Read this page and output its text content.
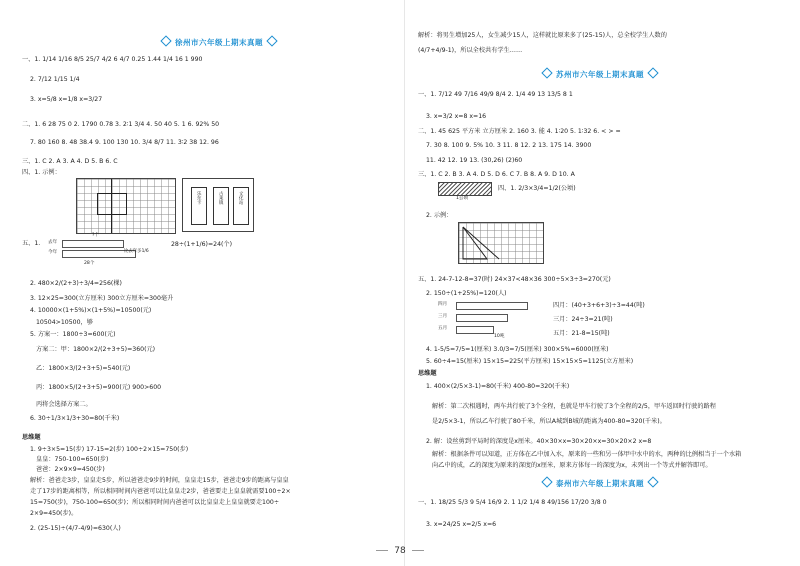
徐州市六年级上期末真题
一、1. 1/14 1/16 8/5 25/7 4/2 6 4/7 0.25 1.44 1/4 16 1 990
2. 7/12 1/15 1/4
3. x=5/8 x=1/8 x=3/27
二、1. 6 28 75 0 2. 1790 0.78 3. 2∶1 3/4 4. 50 40 5. 1 6. 92% 50
7. 80 160 8. 48 38.4 9. 100 130 10. 3/4 8/7 11. 3∶2 38 12. 96
三、1. C 2. A 3. A 4. D 5. B 6. C
四、1. 示例：
乐东卡	古莱镇	文化站
五、1. 去年
今年
?个
比去年多1/6
28个
28÷(1+1/6)=24(个)
2. 480×2/(2+3)÷3/4=256(棵)
3. 12×25=300(立方厘米) 300立方厘米=300毫升
4. 10000×(1+5%)×(1+5%)=10500(元)
10504>10500，够
5. 方案一：1800÷3=600(元)
方案二：甲：1800×2/(2+3+5)=360(元)
乙：1800×3/(2+3+5)=540(元)
丙：1800×5/(2+3+5)=900(元) 900>600
丙将会选择方案二。
6. 30÷1/3×1/3+30=80(千米)
思维题
1. 9÷3×5=15(步) 17-15=2(步) 100÷2×15=750(步)
皇皇：750-100=650(步)
爸爸：2×9×9=450(步)
解析：爸爸走3步，皇皇走5步，所以爸爸走9步的时间，皇皇走15步，爸爸走9步的距离与皇皇
走了17步的距离相等，所以相同时间内爸爸可以比皇皇走2步，爸爸要走上皇皇就需要100÷2×
15=750(步)，750-100=650(步)；所以相同时间内爸爸可以比皇皇走上皇皇就要走100÷
2×9=450(步)。
2. (25-15)÷(4/7-4/9)=630(人)
解析：将男生增加25人，女生减少15人，这样就比原来多了(25-15)人，总全校学生人数的
(4/7+4/9-1)，所以全校共有学生……
苏州市六年级上期末真题
一、1. 7/12 49 7/16 49/9 8/4 2. 1/4 49 13 13/5 8 1
3. x=3/2 x=8 x=16
二、1. 45 625 平方米 立方厘米 2. 160 3. 能 4. 1∶20 5. 1∶32 6. < > =
7. 30 8. 100 9. 5% 10. 3 11. 8 12. 2 13. 175 14. 3900
11. 42 12. 19 13. (30,26) (2)60
三、1. C 2. B 3. A 4. D 5. D 6. C 7. B 8. A 9. D 10. A
1公顷
四、1. 2/3×3/4=1/2(公顷)
2. 示例：
五、1. 24-7-12-8=37(时) 24×37<48×36 300÷5×3÷3=270(元)
2. 150÷(1+25%)=120(人)
四月
三月
五月
10吨
四月：(40+3+6+3)÷3=44(吨)
三月：24÷3=21(吨)
五月：21-8=15(吨)
4. 1-5/5=7/5=1(厘米) 3.0/3=7/5(厘米) 300×5%=6000(厘米)
5. 60÷4=15(厘米) 15×15=225(平方厘米) 15×15×5=1125(立方厘米)
思维题
1. 400×(2/5×3-1)=80(千米) 400-80=320(千米)
解析：第二次相遇时，两车共行驶了3个全程，也就是甲车行驶了3个全程的2/5，甲车返回时行驶的路程
是2/5×3-1，所以乙车行驶了80千米，所以A城到B城的距离为400-80=320(千米)。
2. 解：设丝剪到平局时的深度是x厘米。40×30×x=30×20×x=30×20×2 x=8
解析：根据条件可以知道，正方体在乙中加入水，原来的一些和另一体甲中水中的水，两种的比例相当于一个水箱
向乙中的成，乙的深度为原来的深度的x厘米，原来方体每一的深度为x，未列出一个等式并解答即可。
泰州市六年级上期末真题
一、1. 18/25 5/3 9 5/4 16/9 2. 1 1/2 1/4 8 49/156 17/20 3/8 0
3. x=24/25 x=2/5 x=6
78
